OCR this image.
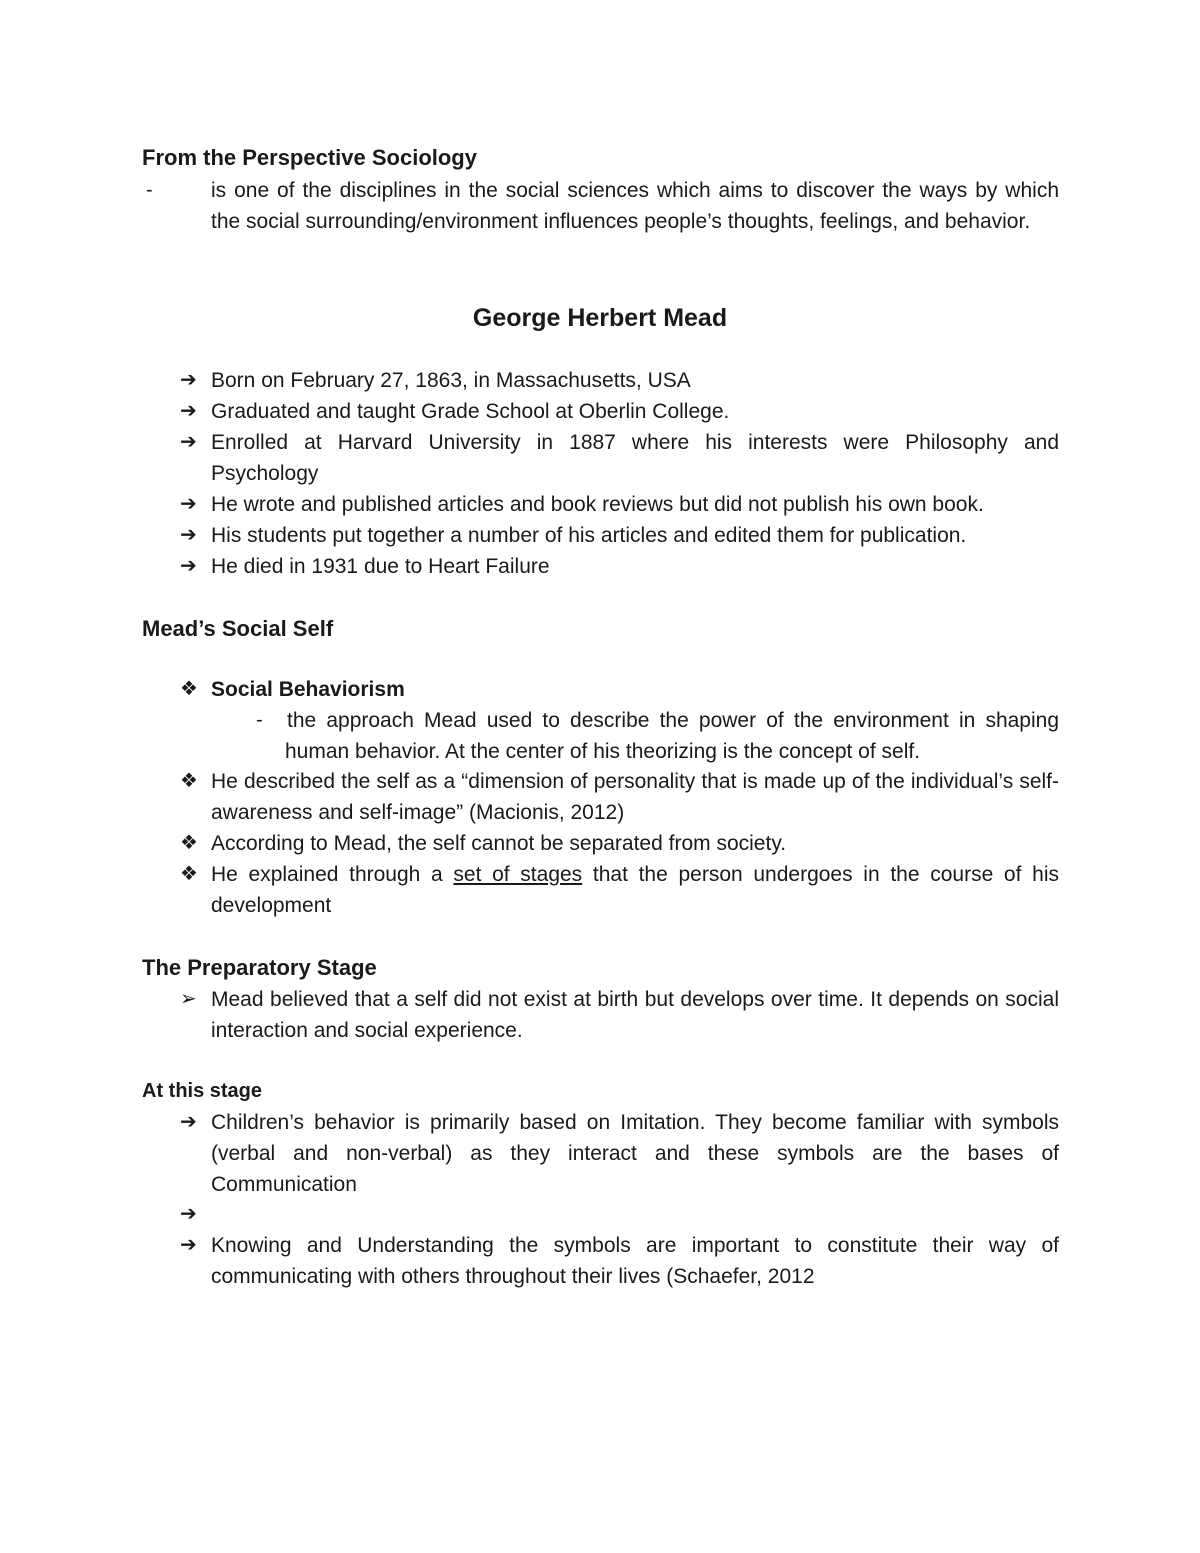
From the Perspective Sociology
-	is one of the disciplines in the social sciences which aims to discover the ways by which the social surrounding/environment influences people’s thoughts, feelings, and behavior.
George Herbert Mead
➔ Born on February 27, 1863, in Massachusetts, USA
➔ Graduated and taught Grade School at Oberlin College.
➔ Enrolled at Harvard University in 1887 where his interests were Philosophy and Psychology
➔ He wrote and published articles and book reviews but did not publish his own book.
➔ His students put together a number of his articles and edited them for publication.
➔ He died in 1931 due to Heart Failure
Mead’s Social Self
❖ Social Behaviorism
-	the approach Mead used to describe the power of the environment in shaping human behavior. At the center of his theorizing is the concept of self.
❖ He described the self as a “dimension of personality that is made up of the individual’s self-awareness and self-image” (Macionis, 2012)
❖ According to Mead, the self cannot be separated from society.
❖ He explained through a set of stages that the person undergoes in the course of his development
The Preparatory Stage
➢ Mead believed that a self did not exist at birth but develops over time. It depends on social interaction and social experience.
At this stage
➔ Children’s behavior is primarily based on Imitation. They become familiar with symbols (verbal and non-verbal) as they interact and these symbols are the bases of Communication
➔
➔ Knowing and Understanding the symbols are important to constitute their way of communicating with others throughout their lives (Schaefer, 2012
